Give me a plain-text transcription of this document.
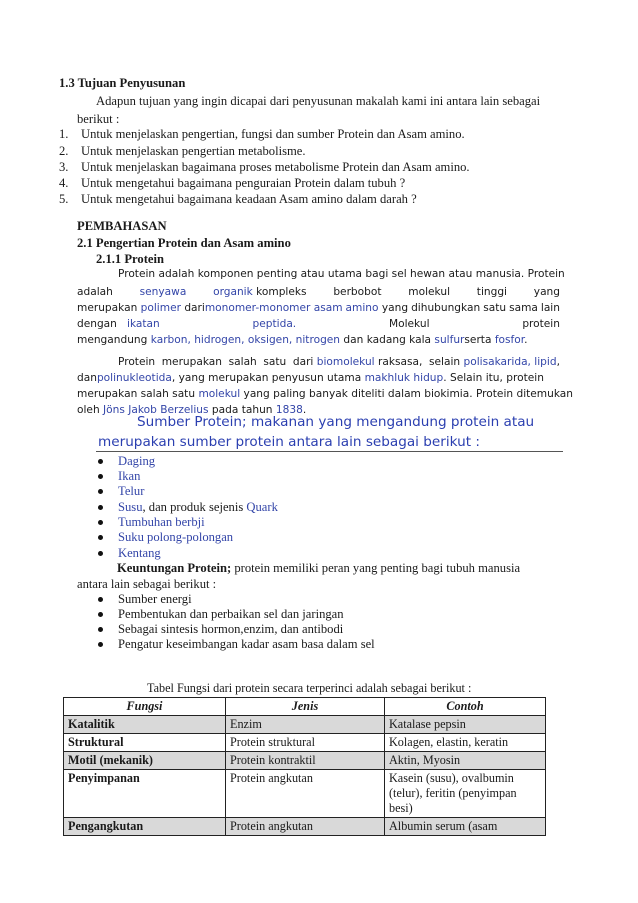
1.3 Tujuan Penyusunan
Adapun tujuan yang ingin dicapai dari penyusunan makalah kami ini antara lain sebagai
berikut :
1. Untuk menjelaskan pengertian, fungsi dan sumber Protein dan Asam amino.
2. Untuk menjelaskan pengertian metabolisme.
3. Untuk menjelaskan bagaimana proses metabolisme Protein dan Asam amino.
4. Untuk mengetahui bagaimana penguraian Protein dalam tubuh ?
5. Untuk mengetahui bagaimana keadaan Asam amino dalam darah ?
PEMBAHASAN
2.1 Pengertian Protein dan Asam amino
2.1.1 Protein
Protein adalah komponen penting atau utama bagi sel hewan atau manusia. Protein
adalah	senyawa	organik kompleks	berbobot	molekul	tinggi	yang
merupakan polimer darimonomer-monomer asam amino yang dihubungkan satu sama lain
dengan ikatan	peptida.	Molekul	protein
mengandung karbon, hidrogen, oksigen, nitrogen dan kadang kala sulfurserta fosfor.
Protein merupakan salah satu dari biomolekul raksasa, selain polisakarida, lipid,
danpolinukleotida, yang merupakan penyusun utama makhluk hidup. Selain itu, protein
merupakan salah satu molekul yang paling banyak diteliti dalam biokimia. Protein ditemukan
oleh Jöns Jakob Berzelius pada tahun 1838.
Sumber Protein; makanan yang mengandung protein atau
merupakan sumber protein antara lain sebagai berikut :
Daging
Ikan
Telur
Susu, dan produk sejenis Quark
Tumbuhan berbji
Suku polong-polongan
Kentang
Keuntungan Protein; protein memiliki peran yang penting bagi tubuh manusia
antara lain sebagai berikut :
Sumber energi
Pembentukan dan perbaikan sel dan jaringan
Sebagai sintesis hormon,enzim, dan antibodi
Pengatur keseimbangan kadar asam basa dalam sel
Tabel Fungsi dari protein secara terperinci adalah sebagai berikut :
Fungsi	Jenis	Contoh
Katalitik	Enzim	Katalase pepsin
Struktural	Protein struktural	Kolagen, elastin, keratin
Motil (mekanik)	Protein kontraktil	Aktin, Myosin
Penyimpanan	Protein angkutan	Kasein (susu), ovalbumin (telur), feritin (penyimpan besi)
Pengangkutan	Protein angkutan	Albumin serum (asam
